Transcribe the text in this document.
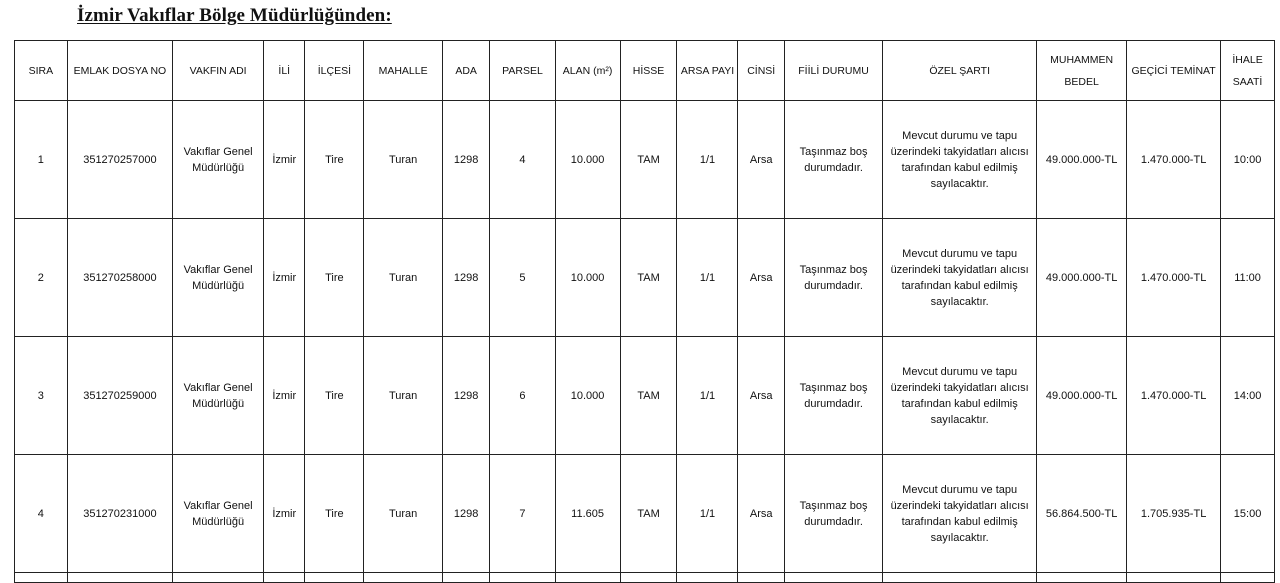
İzmir Vakıflar Bölge Müdürlüğünden:
SIRA	EMLAK DOSYA NO	VAKFIN ADI	İLİ	İLÇESİ	MAHALLE	ADA	PARSEL	ALAN (m²)	HİSSE	ARSA PAYI	CİNSİ	FİİLİ DURUMU	ÖZEL ŞARTI	MUHAMMEN BEDEL	GEÇİCİ TEMİNAT	İHALE SAATİ
1	351270257000	Vakıflar Genel Müdürlüğü	İzmir	Tire	Turan	1298	4	10.000	TAM	1/1	Arsa	Taşınmaz boş durumdadır.	Mevcut durumu ve tapu üzerindeki takyidatları alıcısı tarafından kabul edilmiş sayılacaktır.	49.000.000-TL	1.470.000-TL	10:00
2	351270258000	Vakıflar Genel Müdürlüğü	İzmir	Tire	Turan	1298	5	10.000	TAM	1/1	Arsa	Taşınmaz boş durumdadır.	Mevcut durumu ve tapu üzerindeki takyidatları alıcısı tarafından kabul edilmiş sayılacaktır.	49.000.000-TL	1.470.000-TL	11:00
3	351270259000	Vakıflar Genel Müdürlüğü	İzmir	Tire	Turan	1298	6	10.000	TAM	1/1	Arsa	Taşınmaz boş durumdadır.	Mevcut durumu ve tapu üzerindeki takyidatları alıcısı tarafından kabul edilmiş sayılacaktır.	49.000.000-TL	1.470.000-TL	14:00
4	351270231000	Vakıflar Genel Müdürlüğü	İzmir	Tire	Turan	1298	7	11.605	TAM	1/1	Arsa	Taşınmaz boş durumdadır.	Mevcut durumu ve tapu üzerindeki takyidatları alıcısı tarafından kabul edilmiş sayılacaktır.	56.864.500-TL	1.705.935-TL	15:00
